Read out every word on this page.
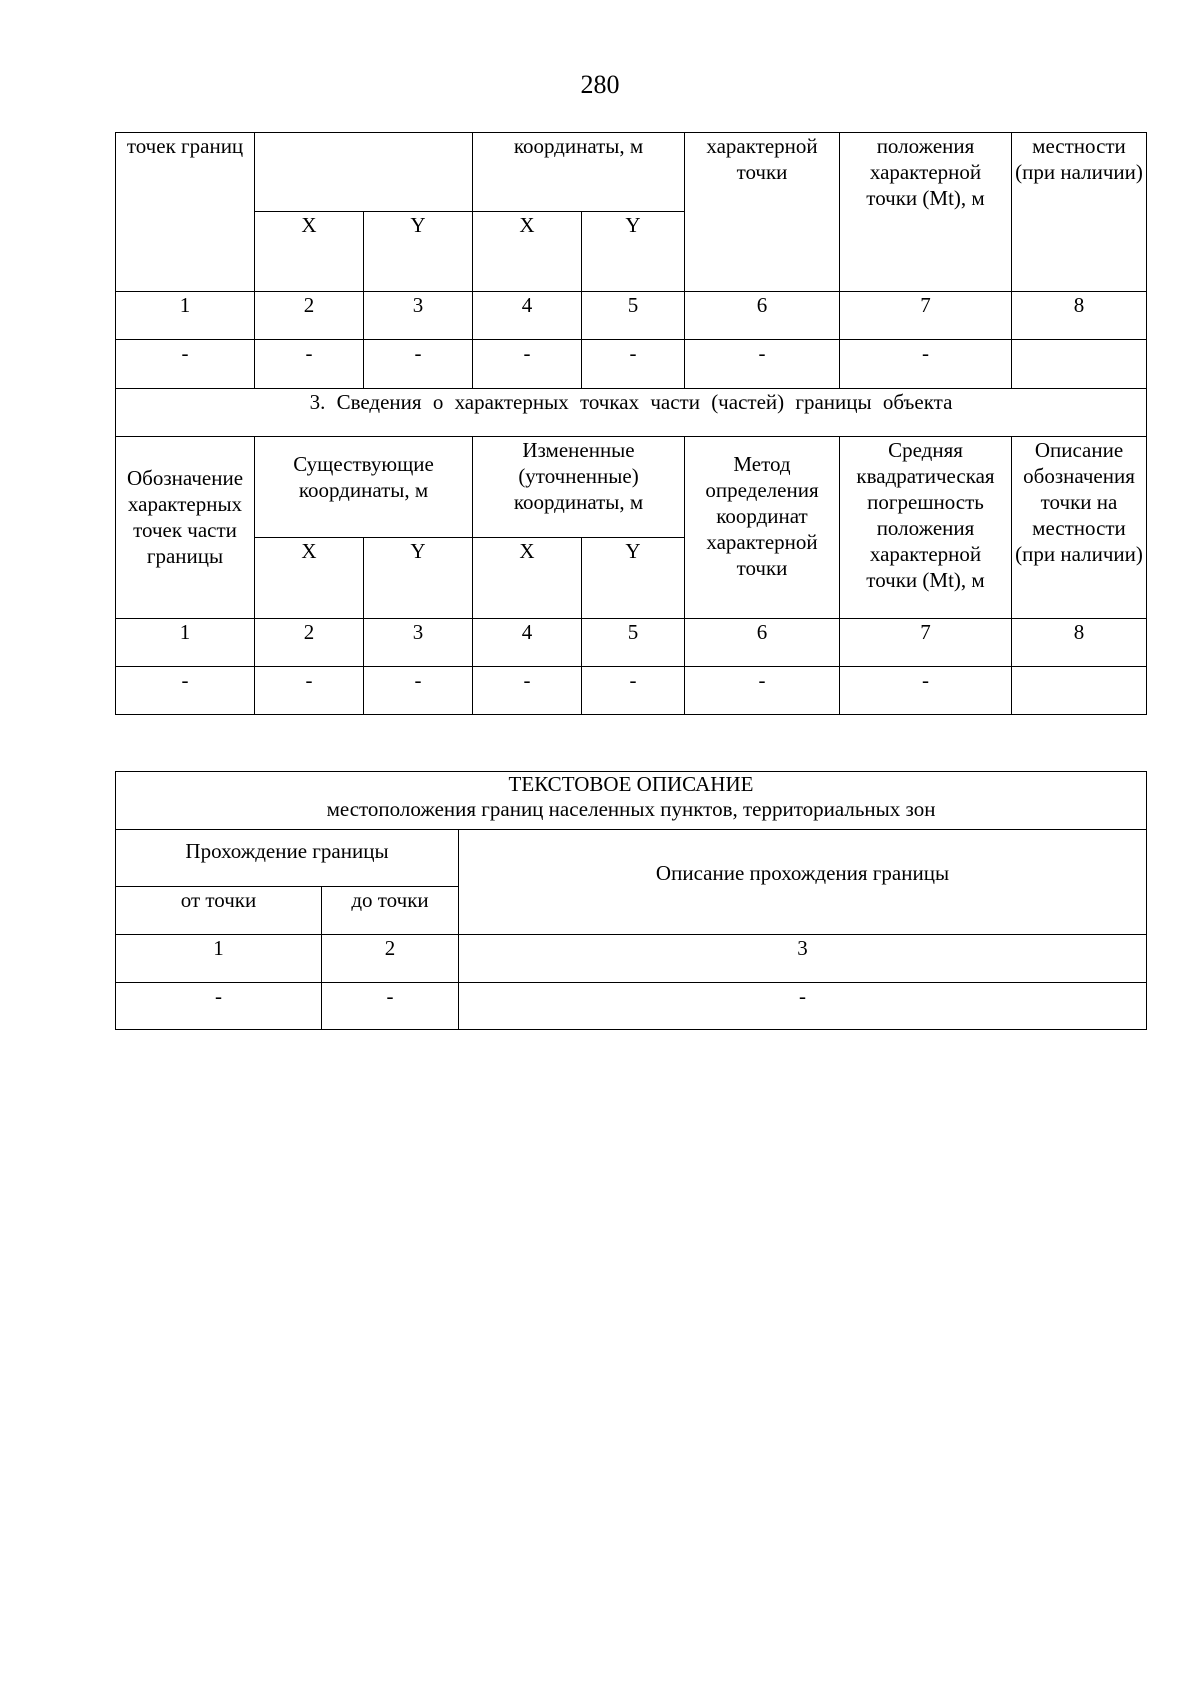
280
точек границ			координаты, м		характерной точки	положения характерной точки (Mt), м	местности (при наличии)
	X	Y	X	Y			
1	2	3	4	5	6	7	8
-	-	-	-	-	-	-	
3. Сведения о характерных точках части (частей) границы объекта							
Обозначение характерных точек части границы	Существующие координаты, м		Измененные (уточненные) координаты, м		Метод определения координат характерной точки	Средняя квадратическая погрешность положения характерной точки (Mt), м	Описание обозначения точки на местности (при наличии)
	X	Y	X	Y			
1	2	3	4	5	6	7	8
-	-	-	-	-	-	-	
ТЕКСТОВОЕ ОПИСАНИЕ
местоположения границ населенных пунктов, территориальных зон		

Прохождение границы		Описание прохождения границы
от точки	до точки	
1	2	3
-	-	-
